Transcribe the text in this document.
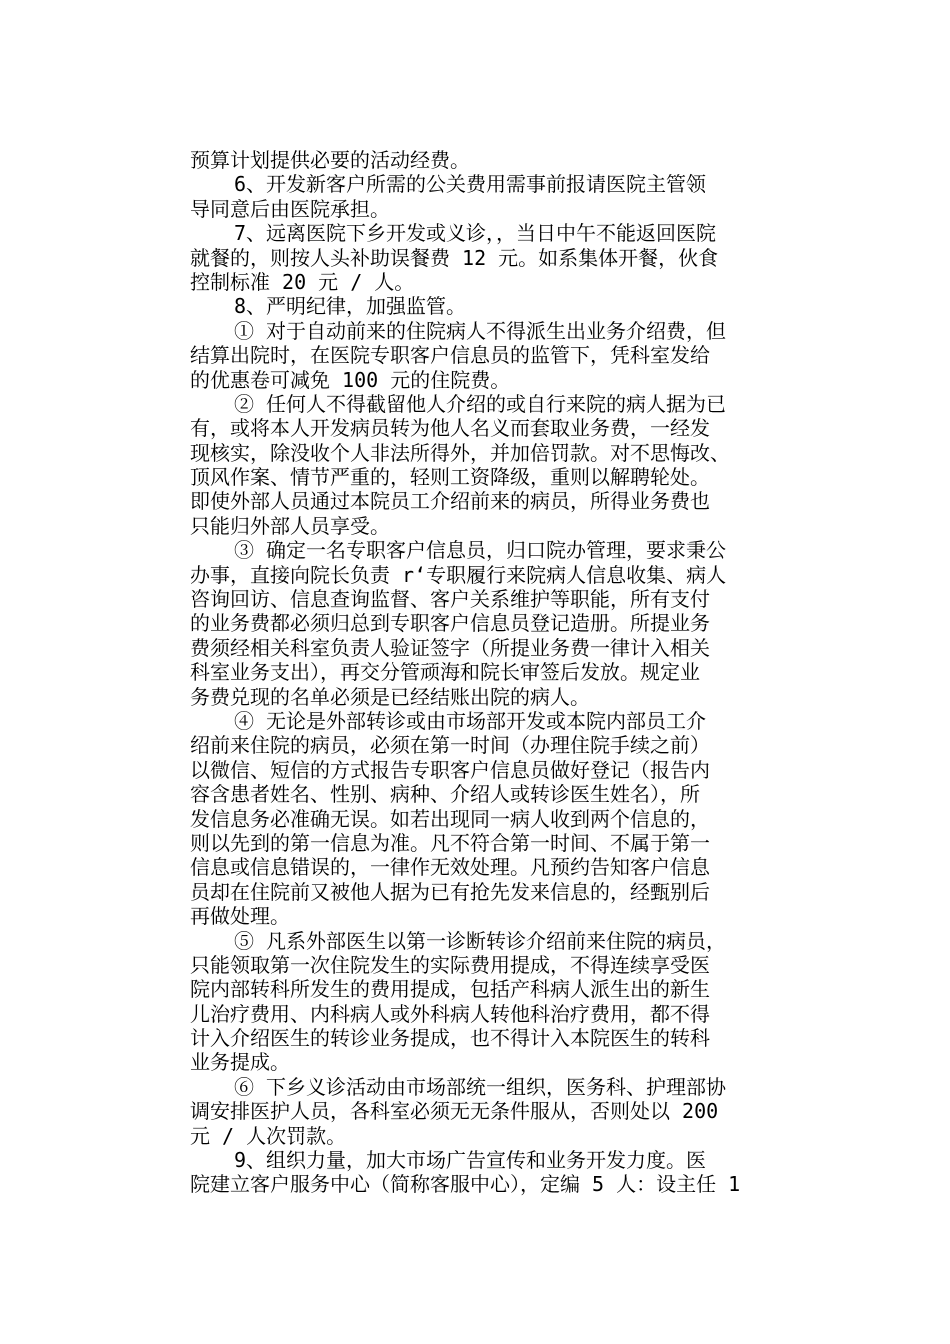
预算计划提供必要的活动经费。
6、开发新客户所需的公关费用需事前报请医院主管领
导同意后由医院承担。
7、远离医院下乡开发或义诊，，当日中午不能返回医院
就餐的，则按人头补助误餐费 12 元。如系集体开餐，伙食
控制标准 20 元 / 人。
8、严明纪律，加强监管。
① 对于自动前来的住院病人不得派生出业务介绍费，但
结算出院时，在医院专职客户信息员的监管下，凭科室发给
的优惠卷可减免 100 元的住院费。
② 任何人不得截留他人介绍的或自行来院的病人据为已
有，或将本人开发病员转为他人名义而套取业务费，一经发
现核实，除没收个人非法所得外，并加倍罚款。对不思悔改、
顶风作案、情节严重的，轻则工资降级，重则以解聘轮处。
即使外部人员通过本院员工介绍前来的病员，所得业务费也
只能归外部人员享受。
③ 确定一名专职客户信息员，归口院办管理，要求秉公
办事，直接向院长负责 r‘专职履行来院病人信息收集、病人
咨询回访、信息查询监督、客户关系维护等职能，所有支付
的业务费都必须归总到专职客户信息员登记造册。所提业务
费须经相关科室负责人验证签字（所提业务费一律计入相关
科室业务支出），再交分管顽海和院长审签后发放。规定业
务费兑现的名单必须是已经结账出院的病人。
④ 无论是外部转诊或由市场部开发或本院内部员工介
绍前来住院的病员，必须在第一时间（办理住院手续之前）
以微信、短信的方式报告专职客户信息员做好登记（报告内
容含患者姓名、性别、病种、介绍人或转诊医生姓名），所
发信息务必准确无误。如若出现同一病人收到两个信息的，
则以先到的第一信息为准。凡不符合第一时间、不属于第一
信息或信息错误的，一律作无效处理。凡预约告知客户信息
员却在住院前又被他人据为已有抢先发来信息的，经甄别后
再做处理。
⑤ 凡系外部医生以第一诊断转诊介绍前来住院的病员，
只能领取第一次住院发生的实际费用提成，不得连续享受医
院内部转科所发生的费用提成，包括产科病人派生出的新生
儿治疗费用、内科病人或外科病人转他科治疗费用，都不得
计入介绍医生的转诊业务提成，也不得计入本院医生的转科
业务提成。
⑥ 下乡义诊活动由市场部统一组织，医务科、护理部协
调安排医护人员，各科室必须无无条件服从，否则处以 200
元 / 人次罚款。
9、组织力量，加大市场广告宣传和业务开发力度。医
院建立客户服务中心（简称客服中心），定编 5 人：设主任 1
